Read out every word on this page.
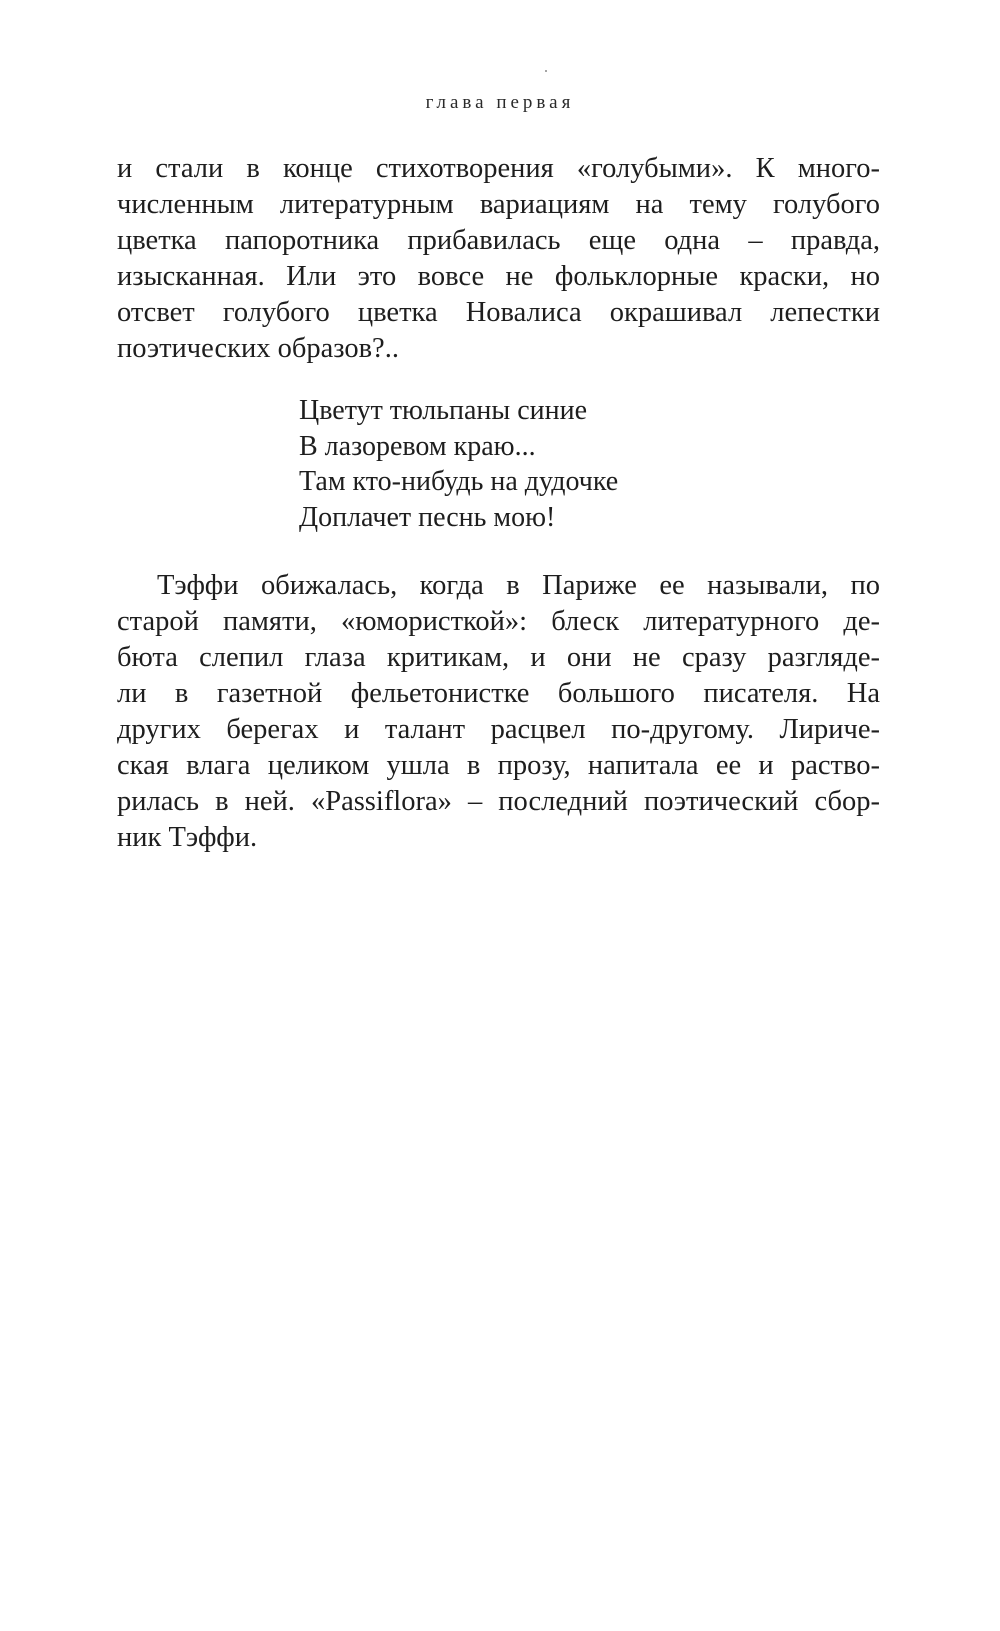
глава первая
и стали в конце стихотворения «голубыми». К много-
численным литературным вариациям на тему голубого
цветка папоротника прибавилась еще одна – правда,
изысканная. Или это вовсе не фольклорные краски, но
отсвет голубого цветка Новалиса окрашивал лепестки
поэтических образов?..
Цветут тюльпаны синие
В лазоревом краю...
Там кто-нибудь на дудочке
Доплачет песнь мою!
Тэффи обижалась, когда в Париже ее называли, по
старой памяти, «юмористкой»: блеск литературного де-
бюта слепил глаза критикам, и они не сразу разгляде-
ли в газетной фельетонистке большого писателя. На
других берегах и талант расцвел по-другому. Лириче-
ская влага целиком ушла в прозу, напитала ее и раство-
рилась в ней. «Passiflora» – последний поэтический сбор-
ник Тэффи.
